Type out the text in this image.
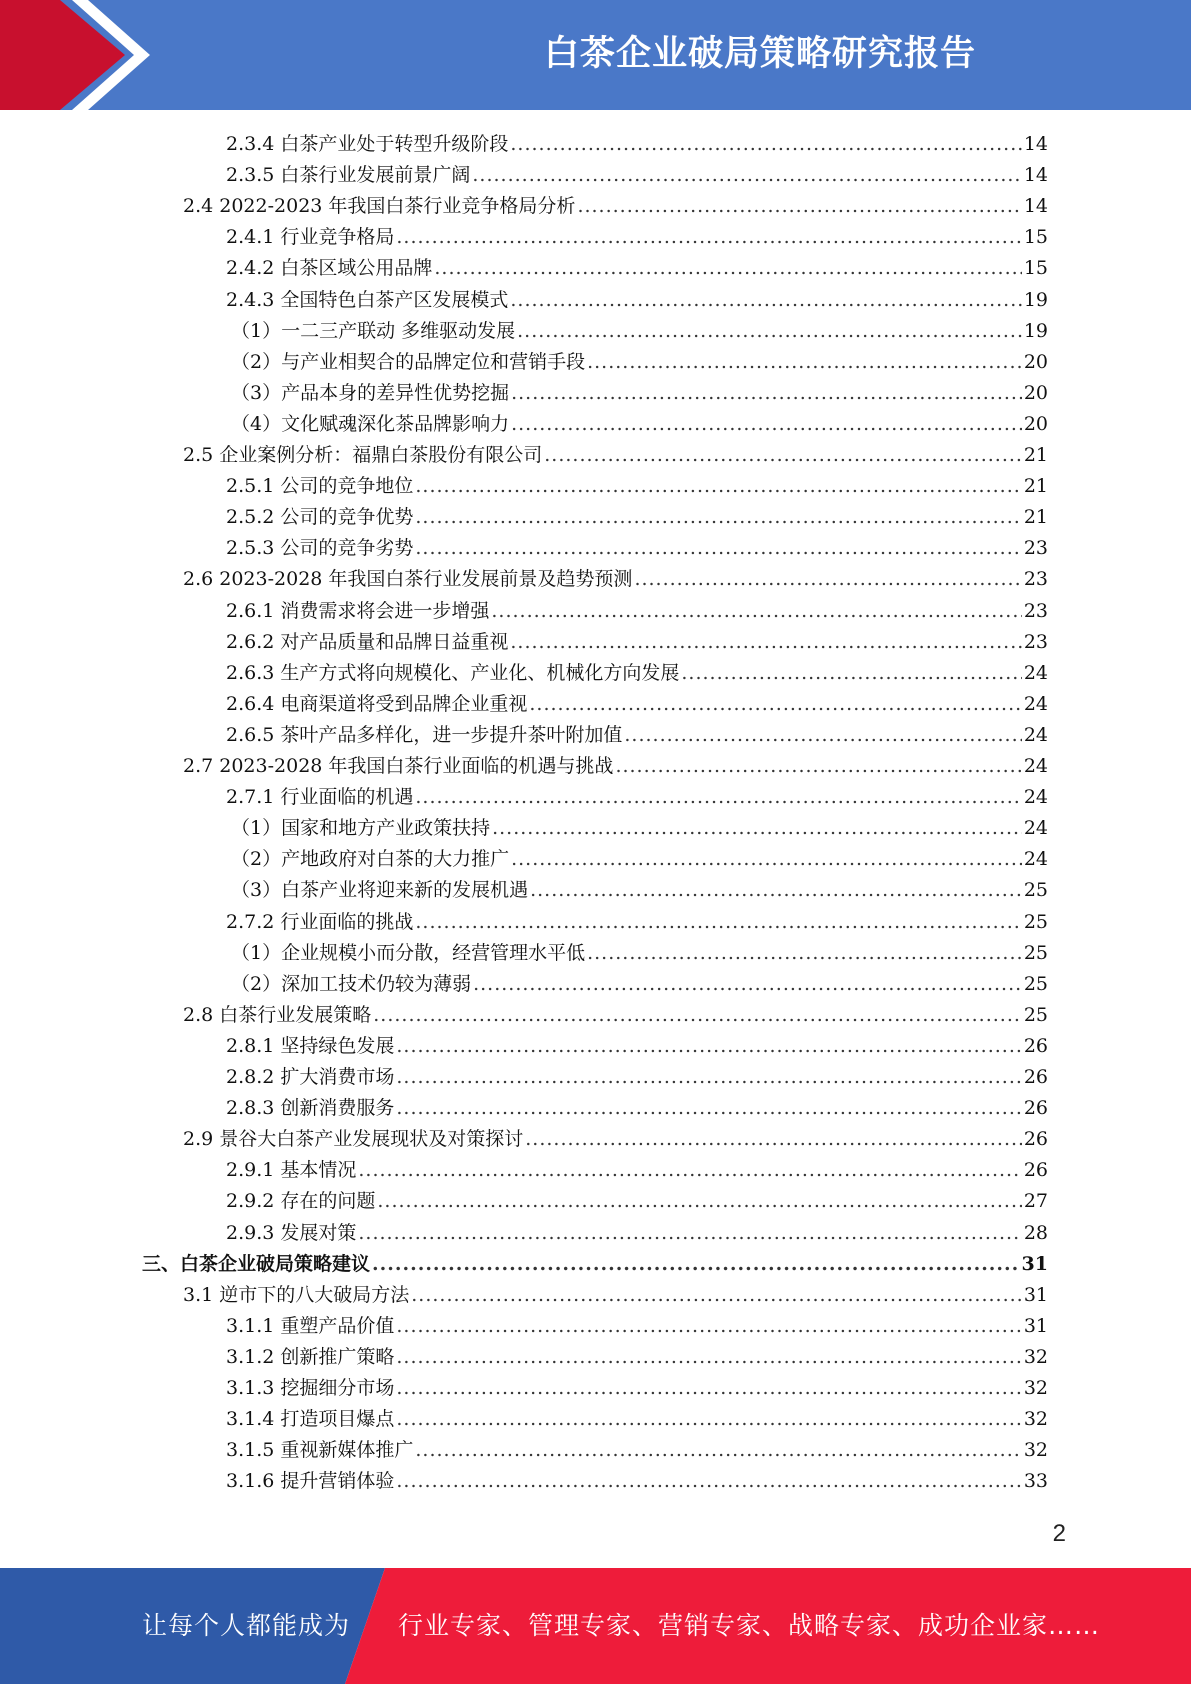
白茶企业破局策略研究报告
2.3.4 白茶产业处于转型升级阶段 .....	14
2.3.5 白茶行业发展前景广阔 .....	14
2.4 2022-2023 年我国白茶行业竞争格局分析 .....	14
2.4.1 行业竞争格局 .....	15
2.4.2 白茶区域公用品牌 .....	15
2.4.3 全国特色白茶产区发展模式 .....	19
（1）一二三产联动 多维驱动发展 .....	19
（2）与产业相契合的品牌定位和营销手段 .....	20
（3）产品本身的差异性优势挖掘 .....	20
（4）文化赋魂深化茶品牌影响力 .....	20
2.5 企业案例分析：福鼎白茶股份有限公司 .....	21
2.5.1 公司的竞争地位 .....	21
2.5.2 公司的竞争优势 .....	21
2.5.3 公司的竞争劣势 .....	23
2.6 2023-2028 年我国白茶行业发展前景及趋势预测 .....	23
2.6.1 消费需求将会进一步增强 .....	23
2.6.2 对产品质量和品牌日益重视 .....	23
2.6.3 生产方式将向规模化、产业化、机械化方向发展 .....	24
2.6.4 电商渠道将受到品牌企业重视 .....	24
2.6.5 茶叶产品多样化，进一步提升茶叶附加值 .....	24
2.7 2023-2028 年我国白茶行业面临的机遇与挑战 .....	24
2.7.1 行业面临的机遇 .....	24
（1）国家和地方产业政策扶持 .....	24
（2）产地政府对白茶的大力推广 .....	24
（3）白茶产业将迎来新的发展机遇 .....	25
2.7.2 行业面临的挑战 .....	25
（1）企业规模小而分散，经营管理水平低 .....	25
（2）深加工技术仍较为薄弱 .....	25
2.8 白茶行业发展策略 .....	25
2.8.1 坚持绿色发展 .....	26
2.8.2 扩大消费市场 .....	26
2.8.3 创新消费服务 .....	26
2.9 景谷大白茶产业发展现状及对策探讨 .....	26
2.9.1 基本情况 .....	26
2.9.2 存在的问题 .....	27
2.9.3 发展对策 .....	28
三、白茶企业破局策略建议 .....	31
3.1 逆市下的八大破局方法 .....	31
3.1.1 重塑产品价值 .....	31
3.1.2 创新推广策略 .....	32
3.1.3 挖掘细分市场 .....	32
3.1.4 打造项目爆点 .....	32
3.1.5 重视新媒体推广 .....	32
3.1.6 提升营销体验 .....	33
2
让每个人都能成为 行业专家、管理专家、营销专家、战略专家、成功企业家……
